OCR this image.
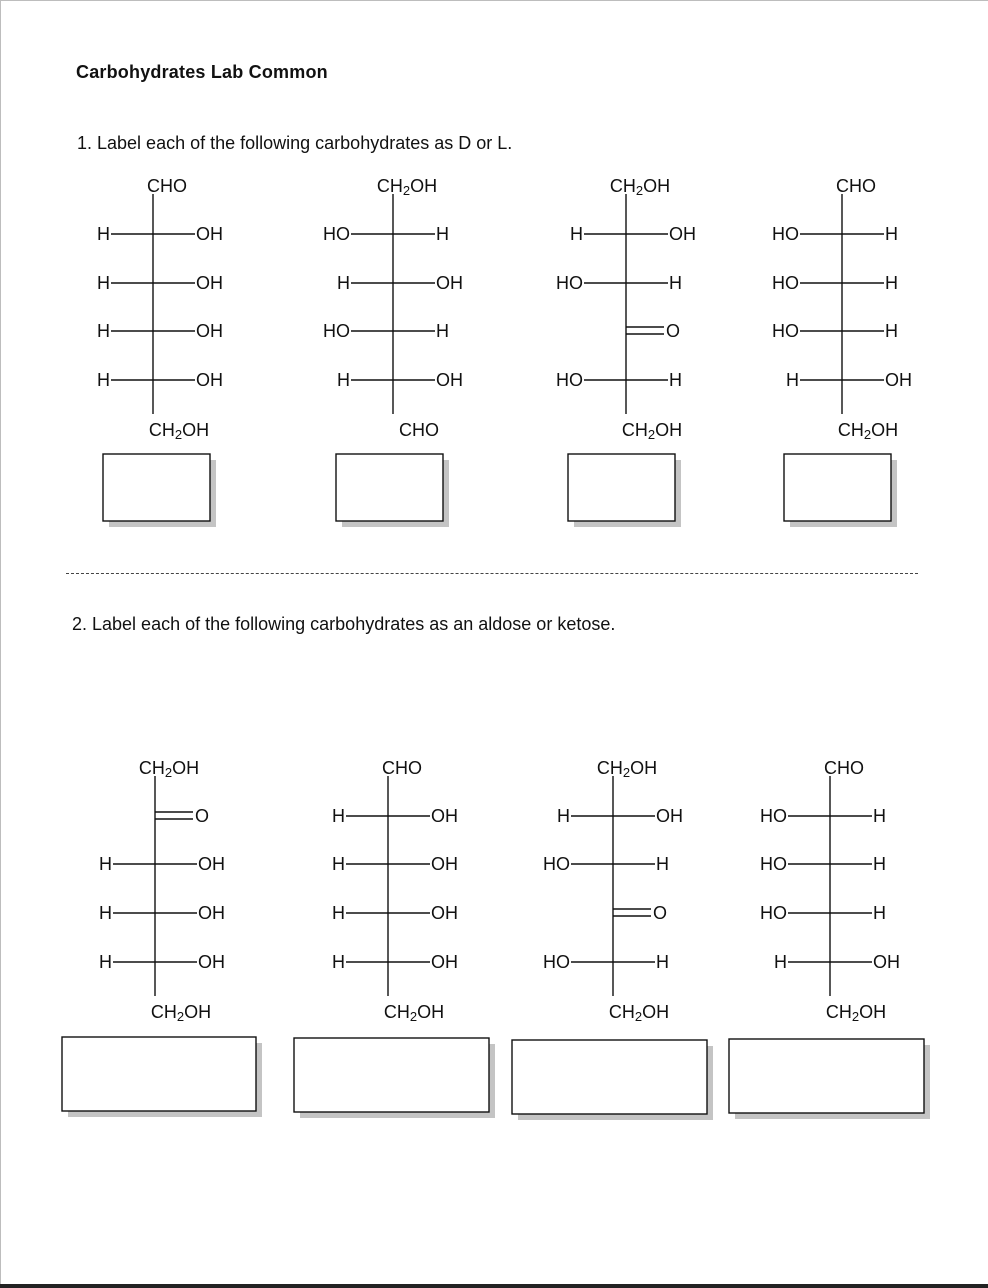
Carbohydrates Lab Common

1. Label each of the following carbohydrates as D or L.

2. Label each of the following carbohydrates as an aldose or ketose.

CHO
CH2OH
H	OH
H	OH
H	OH
H	OH
CH2OH
CHO
HO	H
H	OH
HO	H
H	OH
CH2OH
CH2OH
H	OH
HO	H
O
HO	H
CHO
CH2OH
HO	H
HO	H
HO	H
H	OH
CH2OH
CH2OH
O
H	OH
H	OH
H	OH
CHO
CH2OH
H	OH
H	OH
H	OH
H	OH
CH2OH
CH2OH
H	OH
HO	H
O
HO	H
CHO
CH2OH
HO	H
HO	H
HO	H
H	OH
